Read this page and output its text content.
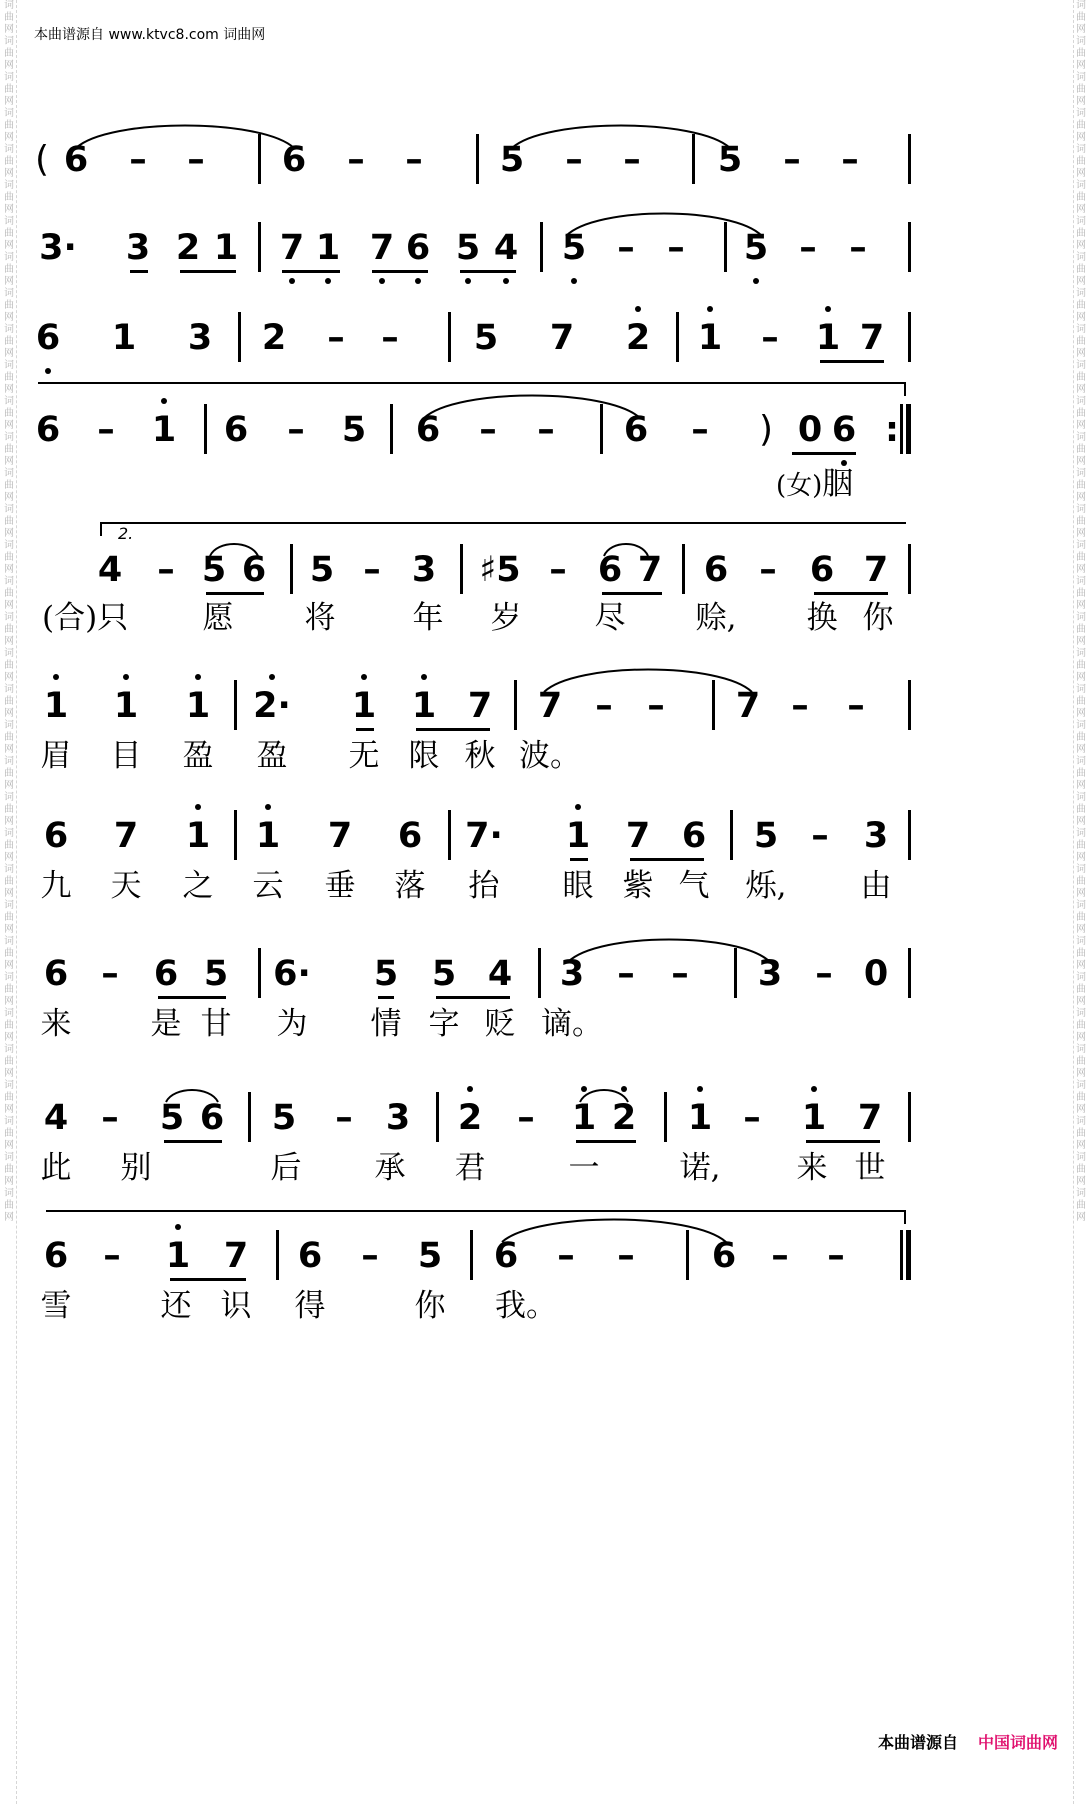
词曲网词曲网词曲网词曲网词曲网词曲网词曲网词曲网词曲网词曲网词曲网词曲网词曲网词曲网词曲网词曲网词曲网词曲网词曲网词曲网词曲网词曲网词曲网词曲网词曲网词曲网词曲网词曲网词曲网词曲网词曲网词曲网词曲网词曲网
词曲网词曲网词曲网词曲网词曲网词曲网词曲网词曲网词曲网词曲网词曲网词曲网词曲网词曲网词曲网词曲网词曲网词曲网词曲网词曲网词曲网词曲网词曲网词曲网词曲网词曲网词曲网词曲网词曲网词曲网词曲网词曲网词曲网词曲网
本曲谱源自 www.ktvc8.com 词曲网
( 6 – – 6 – – 5 – – 5 – –
3· 3 2 1 7 1 7 6 5 4 5 – – 5 – –
6 1 3 2 – – 5 7 2 1 – 1 7
6 – 1 6 – 5 6 – – 6 – ) 0 6 :
4 – 5 6 5 – 3 ♯5 – 6 7 6 – 6 7
2.
(合)只 愿 将 年 岁 尽 赊, 换 你
1 1 1 2· 1 1 7 7 – – 7 – –
眉 目 盈 盈 无 限 秋 波。
6 7 1 1 7 6 7· 1 7 6 5 – 3
九 天 之 云 垂 落 抬 眼 紫 气 烁, 由
6 – 6 5 6· 5 5 4 3 – – 3 – 0
来	是 甘 为 情 字 贬 谪。
4 – 5 6 5 – 3 2 – 1 2 1 – 1 7
此 别	后 承 君	一	诺, 来 世
6 – 1 7 6 – 5 6 – – 6 – –
雪	还 识 得	你 我。
(女)胭
本曲谱源自 中国词曲网
